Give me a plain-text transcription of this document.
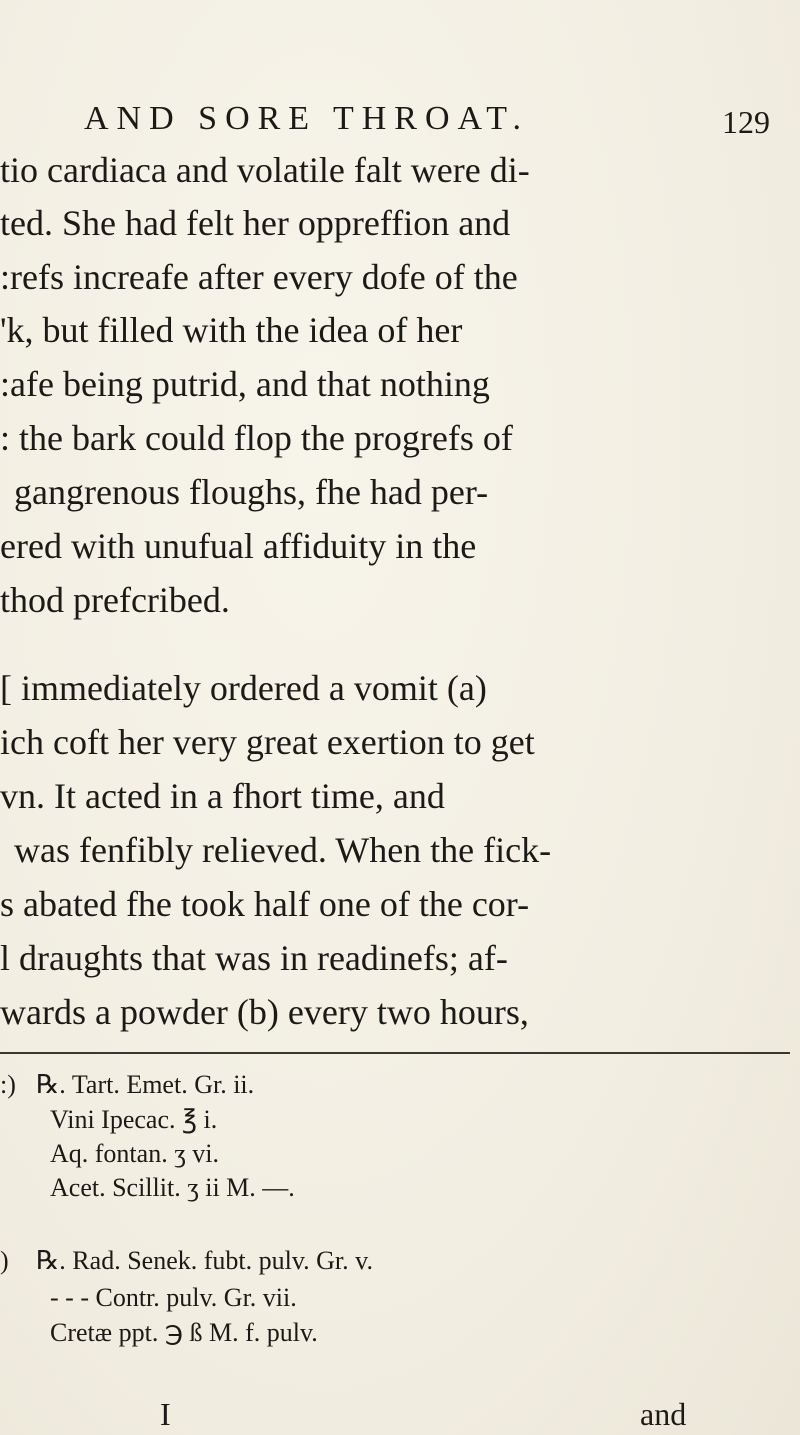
AND SORE THROAT.	129
tio cardiaca and volatile falt were di-
ted. She had felt her oppreffion and
:refs increafe after every dofe of the
'k, but filled with the idea of her
:afe being putrid, and that nothing
: the bark could flop the progrefs of
gangrenous floughs, fhe had per-
ered with unufual affiduity in the
thod prefcribed.
[ immediately ordered a vomit (a)
ich coft her very great exertion to get
vn. It acted in a fhort time, and
was fenfibly relieved. When the fick-
s abated fhe took half one of the cor-
l draughts that was in readinefs; af-
wards a powder (b) every two hours,
:) ℞. Tart. Emet. Gr. ii.
Vini Ipecac. ℥ i.
Aq. fontan. ʒ vi.
Acet. Scillit. ʒ ii M. —.
) ℞. Rad. Senek. fubt. pulv. Gr. v.
- - - Contr. pulv. Gr. vii.
Cretæ ppt. ℈ ß M. f. pulv.
I	and
